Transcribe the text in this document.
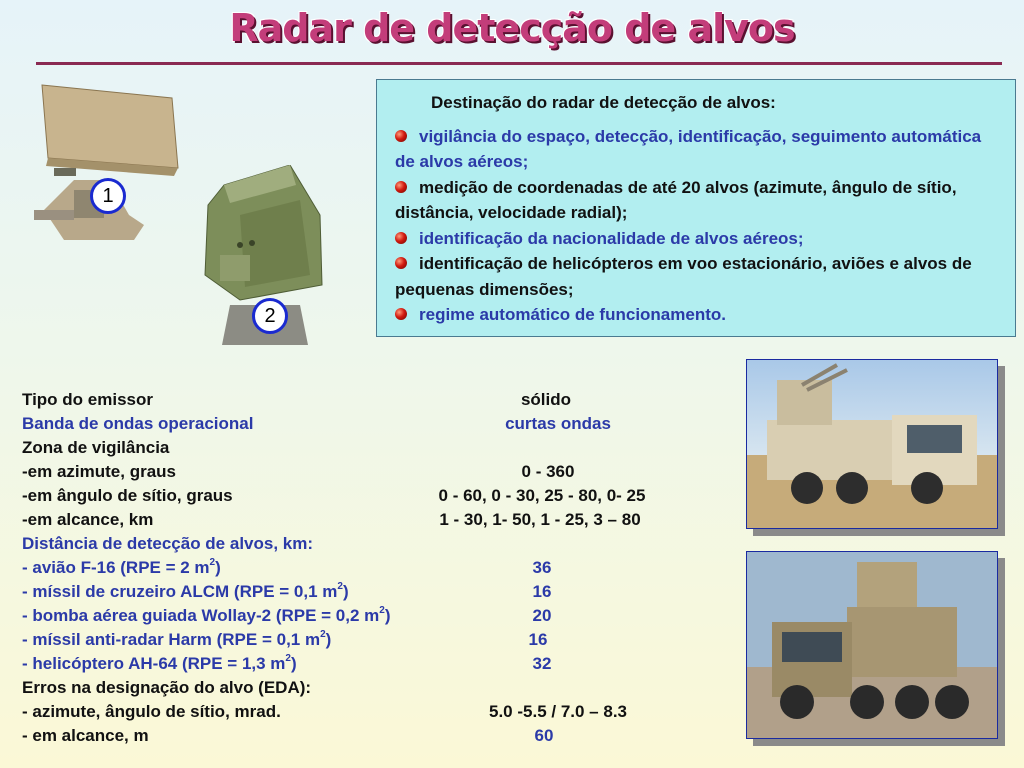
Radar de detecção de alvos
1
2
Destinação do radar de detecção de alvos:
vigilância do espaço, detecção, identificação, seguimento automática de alvos aéreos;
medição de coordenadas de até 20 alvos (azimute, ângulo de sítio, distância, velocidade radial);
identificação da nacionalidade de alvos aéreos;
identificação de helicópteros em voo estacionário, aviões e alvos de pequenas dimensões;
regime automático de funcionamento.
Tipo do emissor	sólido
Banda de ondas operacional	curtas ondas
Zona de vigilância
-em azimute, graus	0 - 360
-em ângulo de sítio, graus	0 - 60, 0 - 30, 25 - 80, 0- 25
-em alcance, km	1 - 30, 1- 50, 1 - 25, 3 – 80
Distância de detecção de alvos, km:
- avião F-16 (RPE = 2 $m^2$)	36
- míssil de cruzeiro ALCM (RPE = 0,1 $m^2$)	16
- bomba aérea guiada Wollay-2 (RPE = 0,2 $m^2$)	20
- míssil anti-radar Harm (RPE = 0,1 $m^2$)	16
- helicóptero AH-64 (RPE = 1,3 $m^2$)	32
Erros na designação do alvo (EDA):
- azimute, ângulo de sítio, mrad.	5.0 -5.5 / 7.0 – 8.3
- em alcance, m	60
